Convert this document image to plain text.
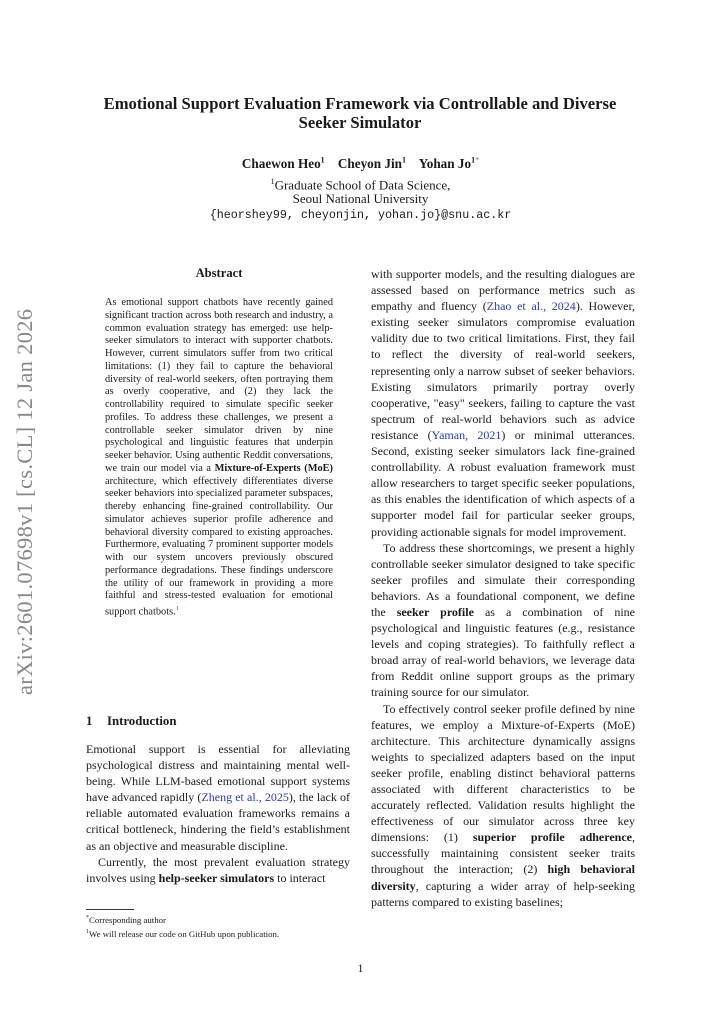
arXiv:2601.07698v1 [cs.CL] 12 Jan 2026
Emotional Support Evaluation Framework via Controllable and Diverse
Seeker Simulator
Chaewon Heo$^1$ Cheyon Jin$^1$ Yohan $Jo^{1*}$
$^1$Graduate School of Data Science,
Seoul National University
{heorshey99, cheyonjin, yohan.jo}@snu.ac.kr
Abstract
As emotional support chatbots have recently gained significant traction across both research and industry, a common evaluation strategy has emerged: use help-seeker simulators to interact with supporter chatbots. However, current simulators suffer from two critical limitations: (1) they fail to capture the behavioral diversity of real-world seekers, often portraying them as overly cooperative, and (2) they lack the controllability required to simulate specific seeker profiles. To address these challenges, we present a controllable seeker simulator driven by nine psychological and linguistic features that underpin seeker behavior. Using authentic Reddit conversations, we train our model via a Mixture-of-Experts (MoE) architecture, which effectively differentiates diverse seeker behaviors into specialized parameter subspaces, thereby enhancing fine-grained controllability. Our simulator achieves superior profile adherence and behavioral diversity compared to existing approaches. Furthermore, evaluating 7 prominent supporter models with our system uncovers previously obscured performance degradations. These findings underscore the utility of our framework in providing a more faithful and stress-tested evaluation for emotional support chatbots.$^1$
1 Introduction

Emotional support is essential for alleviating psychological distress and maintaining mental well-being. While LLM-based emotional support systems have advanced rapidly (Zheng et al., 2025), the lack of reliable automated evaluation frameworks remains a critical bottleneck, hindering the field’s establishment as an objective and measurable discipline.

Currently, the most prevalent evaluation strategy involves using help-seeker simulators to interact

with supporter models, and the resulting dialogues are assessed based on performance metrics such as empathy and fluency (Zhao et al., 2024). However, existing seeker simulators compromise evaluation validity due to two critical limitations. First, they fail to reflect the diversity of real-world seekers, representing only a narrow subset of seeker behaviors. Existing simulators primarily portray overly cooperative, "easy" seekers, failing to capture the vast spectrum of real-world behaviors such as advice resistance (Yaman, 2021) or minimal utterances. Second, existing seeker simulators lack fine-grained controllability. A robust evaluation framework must allow researchers to target specific seeker populations, as this enables the identification of which aspects of a supporter model fail for particular seeker groups, providing actionable signals for model improvement.

To address these shortcomings, we present a highly controllable seeker simulator designed to take specific seeker profiles and simulate their corresponding behaviors. As a foundational component, we define the seeker profile as a combination of nine psychological and linguistic features (e.g., resistance levels and coping strategies). To faithfully reflect a broad array of real-world behaviors, we leverage data from Reddit online support groups as the primary training source for our simulator.

To effectively control seeker profile defined by nine features, we employ a Mixture-of-Experts (MoE) architecture. This architecture dynamically assigns weights to specialized adapters based on the input seeker profile, enabling distinct behavioral patterns associated with different characteristics to be accurately reflected. Validation results highlight the effectiveness of our simulator across three key dimensions: (1) superior profile adherence, successfully maintaining consistent seeker traits throughout the interaction; (2) high behavioral diversity, capturing a wider array of help-seeking patterns compared to existing baselines;

*Corresponding author
$^1$We will release our code on GitHub upon publication.
1
